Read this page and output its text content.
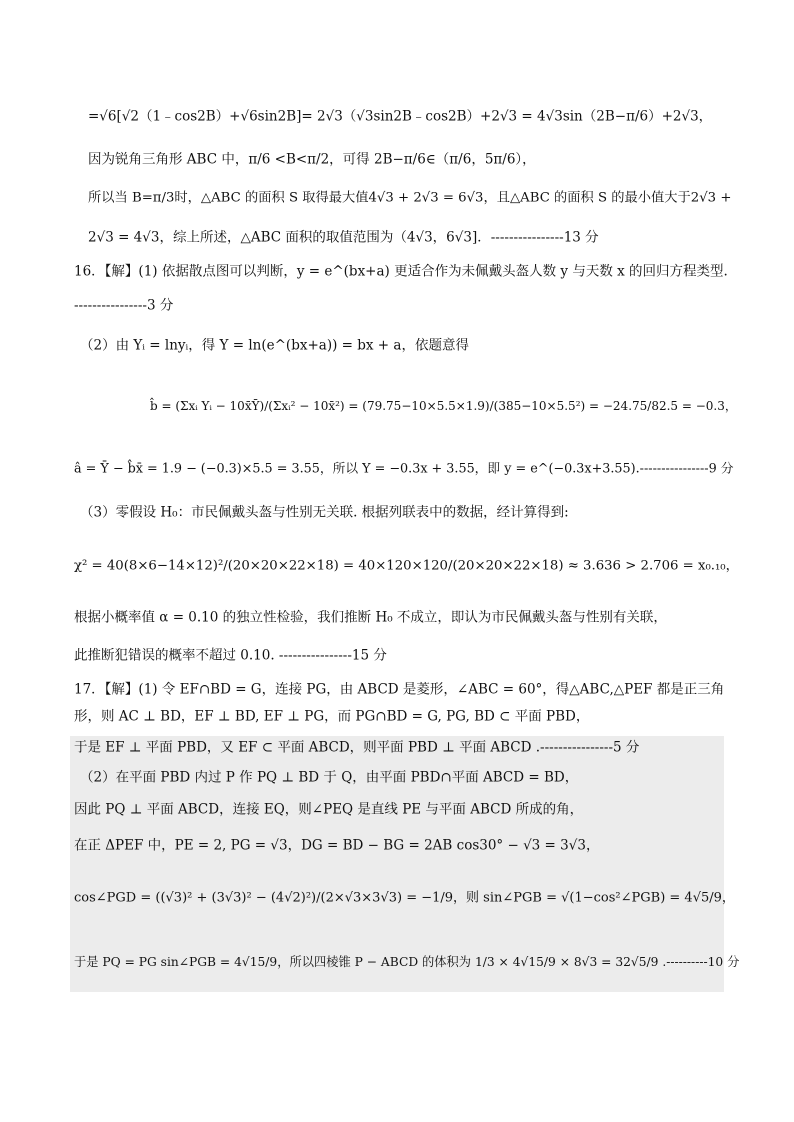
=√6[√2（1﹣cos2B）+√6sin2B]= 2√3（√3sin2B﹣cos2B）+2√3 = 4√3sin（2B−π/6）+2√3，
因为锐角三角形 ABC 中，π/6 <B<π/2，可得 2B−π/6∈（π/6，5π/6），
所以当 B=π/3时，△ABC 的面积 S 取得最大值4√3 + 2√3 = 6√3，且△ABC 的面积 S 的最小值大于2√3 +
2√3 = 4√3，综上所述，△ABC 面积的取值范围为（4√3，6√3]．----------------13 分
16．【解】(1) 依据散点图可以判断，y = e^(bx+a) 更适合作为未佩戴头盔人数 y 与天数 x 的回归方程类型.
----------------3 分
（2）由 Yᵢ = lnyᵢ，得 Y = ln(e^(bx+a)) = bx + a，依题意得
b̂ = (Σxᵢ Yᵢ − 10x̄Ȳ)/(Σxᵢ² − 10x̄²) = (79.75−10×5.5×1.9)/(385−10×5.5²) = −24.75/82.5 = −0.3，
â = Ȳ − b̂x̄ = 1.9 − (−0.3)×5.5 = 3.55，所以 Y = −0.3x + 3.55，即 y = e^(−0.3x+3.55).----------------9 分
（3）零假设 H₀：市民佩戴头盔与性别无关联. 根据列联表中的数据，经计算得到:
χ² = 40(8×6−14×12)²/(20×20×22×18) = 40×120×120/(20×20×22×18) ≈ 3.636 > 2.706 = x₀.₁₀，
根据小概率值 α = 0.10 的独立性检验，我们推断 H₀ 不成立，即认为市民佩戴头盔与性别有关联，
此推断犯错误的概率不超过 0.10. ----------------15 分
17．【解】(1) 令 EF∩BD = G，连接 PG，由 ABCD 是菱形，∠ABC = 60°，得△ABC,△PEF 都是正三角
形，则 AC ⊥ BD，EF ⊥ BD, EF ⊥ PG，而 PG∩BD = G, PG, BD ⊂ 平面 PBD，
于是 EF ⊥ 平面 PBD，又 EF ⊂ 平面 ABCD，则平面 PBD ⊥ 平面 ABCD .----------------5 分
（2）在平面 PBD 内过 P 作 PQ ⊥ BD 于 Q，由平面 PBD∩平面 ABCD = BD，
因此 PQ ⊥ 平面 ABCD，连接 EQ，则∠PEQ 是直线 PE 与平面 ABCD 所成的角，
在正 ΔPEF 中，PE = 2, PG = √3，DG = BD − BG = 2AB cos30° − √3 = 3√3，
cos∠PGD = ((√3)² + (3√3)² − (4√2)²)/(2×√3×3√3) = −1/9，则 sin∠PGB = √(1−cos²∠PGB) = 4√5/9，
于是 PQ = PG sin∠PGB = 4√15/9，所以四棱锥 P − ABCD 的体积为 1/3 × 4√15/9 × 8√3 = 32√5/9 .----------10 分
